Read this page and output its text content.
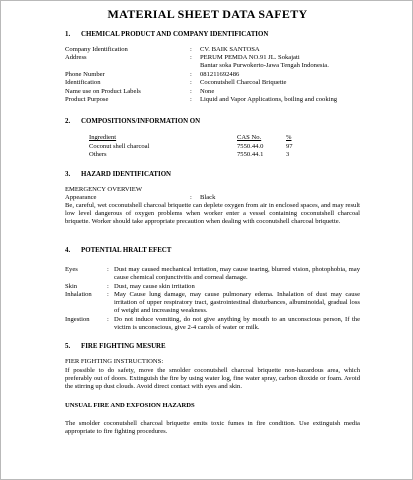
MATERIAL SHEET DATA SAFETY
1. CHEMICAL PRODUCT AND COMPANY IDENTIFICATION
Company Identification	: CV. BAIK SANTOSA
Address	: PERUM PEMDA NO.91 JL. Sokajati
Bantar soka Purwokerto-Jawa Tengah Indonesia.
Phone Number	: 081211692486
Identification	: Coconutshell Charcoal Briquette
Name use on Product Labels	: None
Product Purpose	: Liquid and Vapor Applications, boiling and cooking
2. COMPOSITIONS/INFORMATION ON
Ingredient	CAS No.	%
Coconut shell charcoal	7550.44.0	97
Others	7550.44.1	3
3. HAZARD IDENTIFICATION
EMERGENCY OVERVIEW
Appearance	: Black
Be, careful, wet coconutshell charcoal briquette can deplete oxygen from air in enclosed spaces, and may result low level dangerous of oxygen problems when worker enter a vessel containing coconutshell charcoal briquette. Worker should take appropriate precaution when dealing with coconutshell charcoal briquette.
4. POTENTIAL HRALT EFECT
Eyes	: Dust may caused mechanical irritation, may cause tearing, blurred vision, photophobia, may cause chemical conjunctivitis and corneal damage.
Skin	: Dust, may cause skin irritation
Inhalation : May Cause lung damage, may cause pulmonary edema. Inhalation of dust may cause irritation of upper respiratory tract, gastrointestinal disturbances, albuminoidal, gradual loss of weight and increasing weakness.
Ingestion	: Do not induce vomiting, do not give anything by mouth to an unconscious person, If the victim is unconscious, give 2-4 carols of water or milk.
5. FIRE FIGHTING MESURE
FIER FIGHTING INSTRUCTIONS:
If possible to do safety, move the smolder coconutshell charcoal briquette non-hazardous area, which preferably out of doors. Extinguish the fire by using water log, fine water spray, carbon dioxide or foam. Avoid the stirring up dust clouds. Avoid direct contact with eyes and skin.
UNSUAL FIRE AND EXFOSION HAZARDS
The smolder coconutshell charcoal briquette emits toxic fumes in fire condition. Use extinguish media appropriate to fire fighting procedures.
